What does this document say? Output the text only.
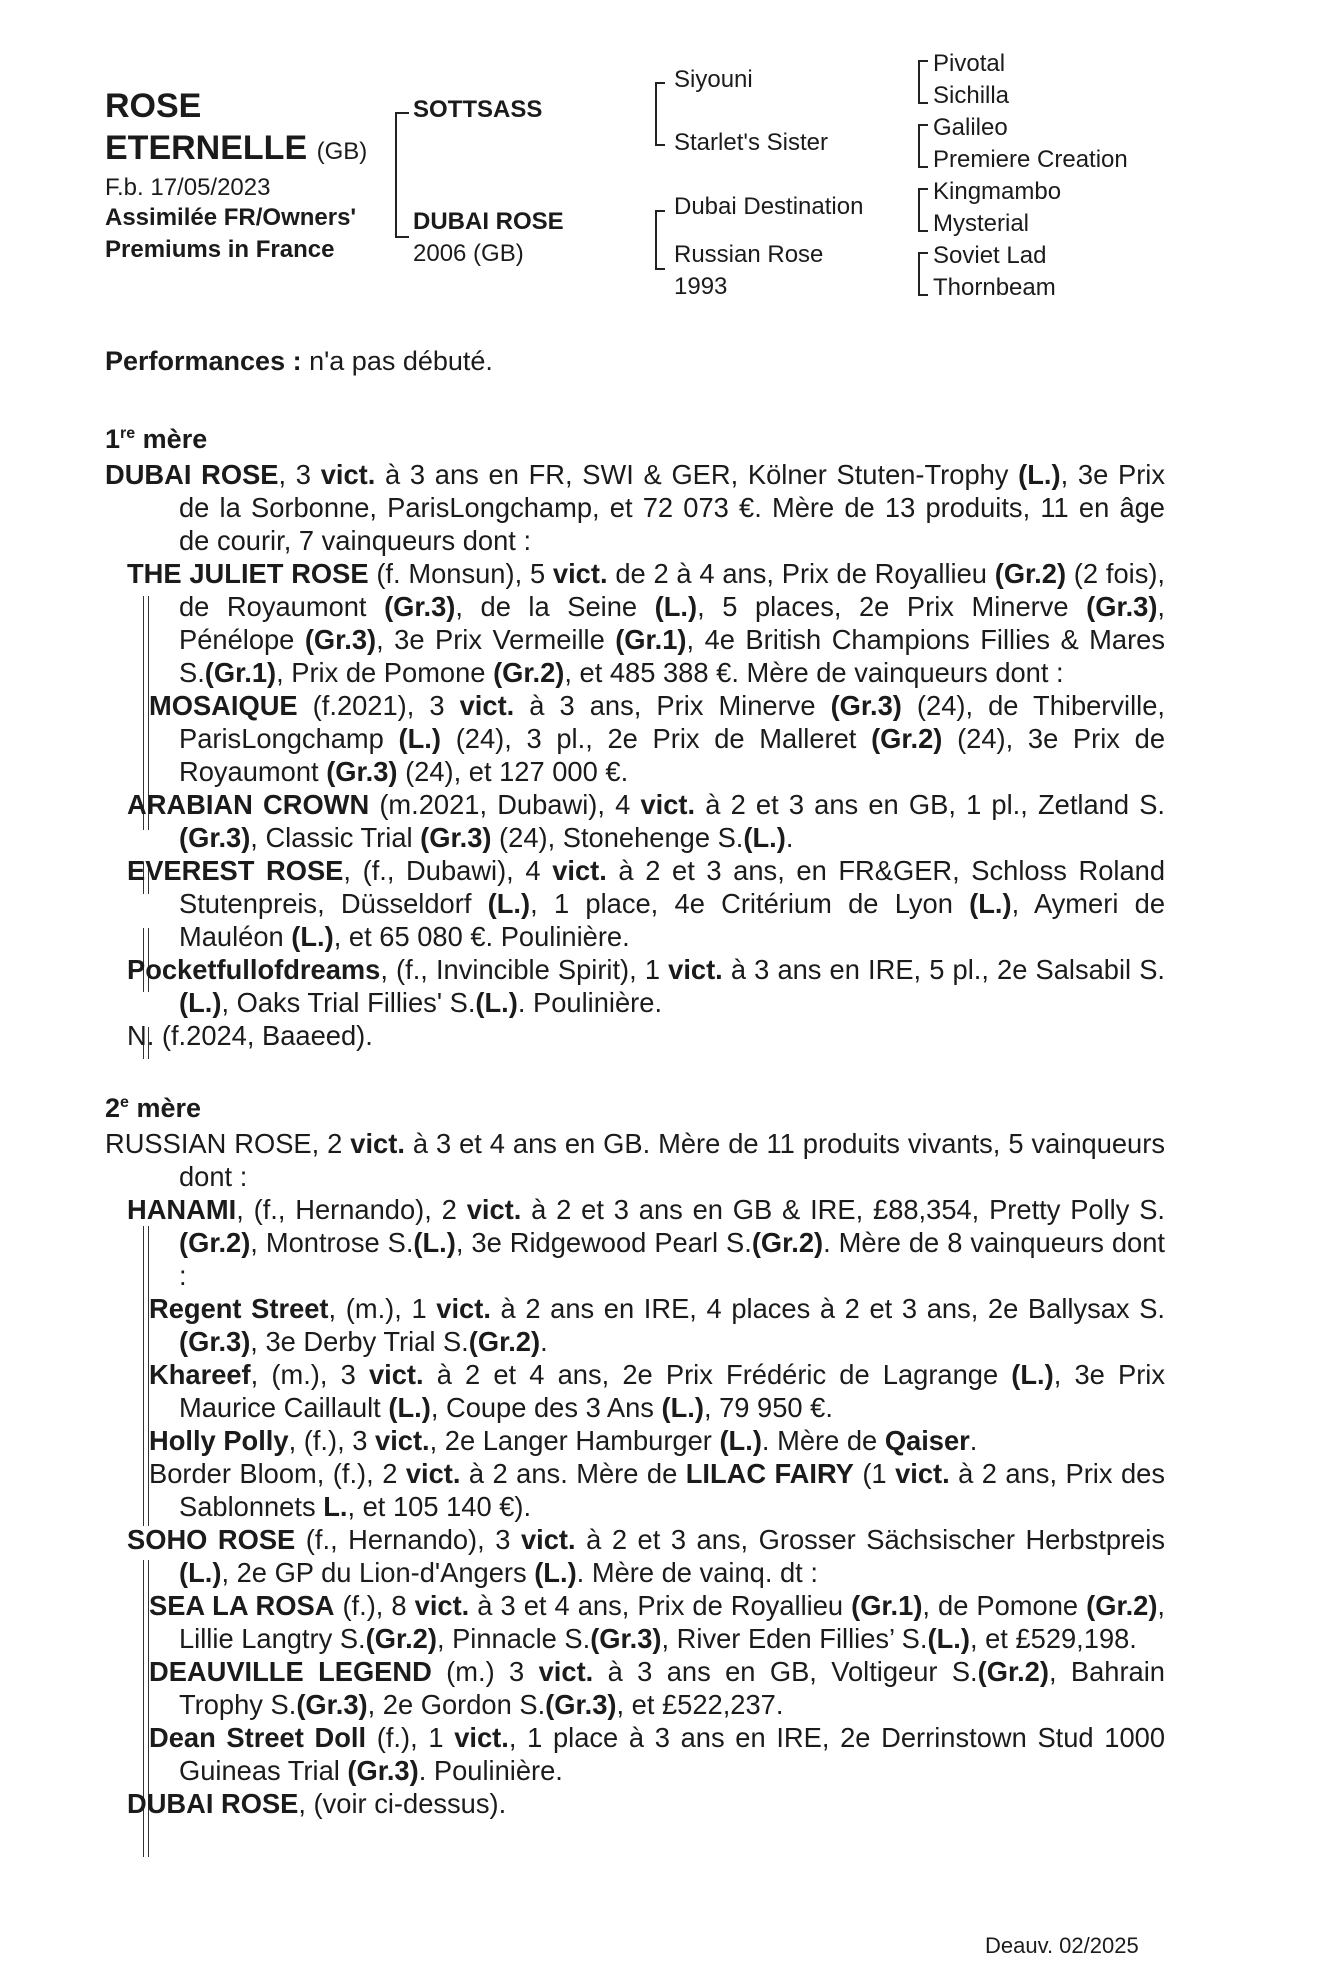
ROSE
ETERNELLE (GB)
F.b. 17/05/2023
Assimilée FR/Owners'
Premiums in France
SOTTSASS
DUBAI ROSE
2006 (GB)
Siyouni
Starlet's Sister
Dubai Destination
Russian Rose
1993
Pivotal
Sichilla
Galileo
Premiere Creation
Kingmambo
Mysterial
Soviet Lad
Thornbeam
Performances : n'a pas débuté.
1re mère

DUBAI ROSE, 3 vict. à 3 ans en FR, SWI & GER, Kölner Stuten-Trophy (L.), 3e Prix de la Sorbonne, ParisLongchamp, et 72 073 €. Mère de 13 produits, 11 en âge de courir, 7 vainqueurs dont :

THE JULIET ROSE (f. Monsun), 5 vict. de 2 à 4 ans, Prix de Royallieu (Gr.2) (2 fois), de Royaumont (Gr.3), de la Seine (L.), 5 places, 2e Prix Minerve (Gr.3), Pénélope (Gr.3), 3e Prix Vermeille (Gr.1), 4e British Champions Fillies & Mares S.(Gr.1), Prix de Pomone (Gr.2), et 485 388 €. Mère de vainqueurs dont :

MOSAIQUE (f.2021), 3 vict. à 3 ans, Prix Minerve (Gr.3) (24), de Thiberville, ParisLongchamp (L.) (24), 3 pl., 2e Prix de Malleret (Gr.2) (24), 3e Prix de Royaumont (Gr.3) (24), et 127 000 €.

ARABIAN CROWN (m.2021, Dubawi), 4 vict. à 2 et 3 ans en GB, 1 pl., Zetland S.(Gr.3), Classic Trial (Gr.3) (24), Stonehenge S.(L.).

EVEREST ROSE, (f., Dubawi), 4 vict. à 2 et 3 ans, en FR&GER, Schloss Roland Stutenpreis, Düsseldorf (L.), 1 place, 4e Critérium de Lyon (L.), Aymeri de Mauléon (L.), et 65 080 €. Poulinière.

Pocketfullofdreams, (f., Invincible Spirit), 1 vict. à 3 ans en IRE, 5 pl., 2e Salsabil S.(L.), Oaks Trial Fillies' S.(L.). Poulinière.

N. (f.2024, Baaeed).

2e mère

RUSSIAN ROSE, 2 vict. à 3 et 4 ans en GB. Mère de 11 produits vivants, 5 vainqueurs dont :

HANAMI, (f., Hernando), 2 vict. à 2 et 3 ans en GB & IRE, £88,354, Pretty Polly S.(Gr.2), Montrose S.(L.), 3e Ridgewood Pearl S.(Gr.2). Mère de 8 vainqueurs dont :

Regent Street, (m.), 1 vict. à 2 ans en IRE, 4 places à 2 et 3 ans, 2e Ballysax S.(Gr.3), 3e Derby Trial S.(Gr.2).

Khareef, (m.), 3 vict. à 2 et 4 ans, 2e Prix Frédéric de Lagrange (L.), 3e Prix Maurice Caillault (L.), Coupe des 3 Ans (L.), 79 950 €.

Holly Polly, (f.), 3 vict., 2e Langer Hamburger (L.). Mère de Qaiser.

Border Bloom, (f.), 2 vict. à 2 ans. Mère de LILAC FAIRY (1 vict. à 2 ans, Prix des Sablonnets L., et 105 140 €).

SOHO ROSE (f., Hernando), 3 vict. à 2 et 3 ans, Grosser Sächsischer Herbstpreis (L.), 2e GP du Lion-d'Angers (L.). Mère de vainq. dt :

SEA LA ROSA (f.), 8 vict. à 3 et 4 ans, Prix de Royallieu (Gr.1), de Pomone (Gr.2), Lillie Langtry S.(Gr.2), Pinnacle S.(Gr.3), River Eden Fillies’ S.(L.), et £529,198.

DEAUVILLE LEGEND (m.) 3 vict. à 3 ans en GB, Voltigeur S.(Gr.2), Bahrain Trophy S.(Gr.3), 2e Gordon S.(Gr.3), et £522,237.

Dean Street Doll (f.), 1 vict., 1 place à 3 ans en IRE, 2e Derrinstown Stud 1000 Guineas Trial (Gr.3). Poulinière.

DUBAI ROSE, (voir ci-dessus).

Deauv. 02/2025
